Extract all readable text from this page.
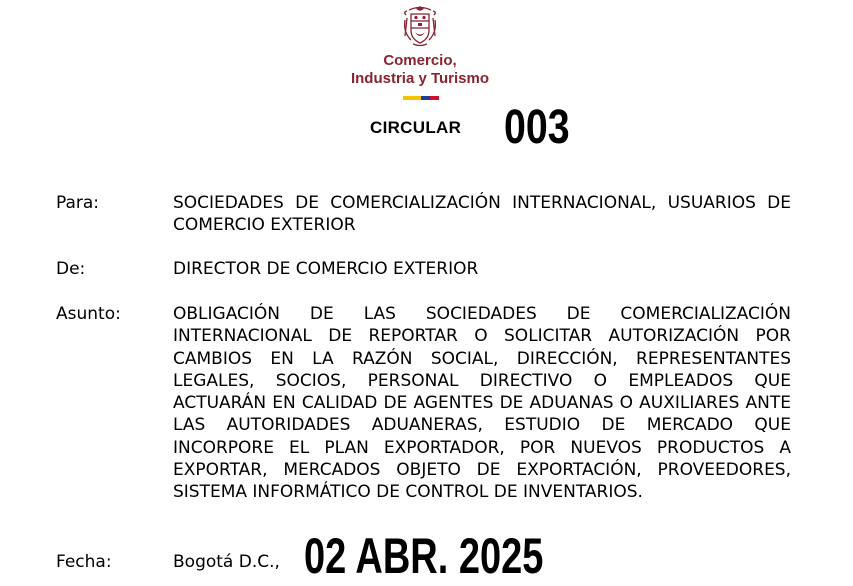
Comercio,
Industria y Turismo
CIRCULAR 003
Para:	SOCIEDADES DE COMERCIALIZACIÓN INTERNACIONAL, USUARIOS DE COMERCIO EXTERIOR
De:	DIRECTOR DE COMERCIO EXTERIOR
Asunto:	OBLIGACIÓN DE LAS SOCIEDADES DE COMERCIALIZACIÓN INTERNACIONAL DE REPORTAR O SOLICITAR AUTORIZACIÓN POR CAMBIOS EN LA RAZÓN SOCIAL, DIRECCIÓN, REPRESENTANTES LEGALES, SOCIOS, PERSONAL DIRECTIVO O EMPLEADOS QUE ACTUARÁN EN CALIDAD DE AGENTES DE ADUANAS O AUXILIARES ANTE LAS AUTORIDADES ADUANERAS, ESTUDIO DE MERCADO QUE INCORPORE EL PLAN EXPORTADOR, POR NUEVOS PRODUCTOS A EXPORTAR, MERCADOS OBJETO DE EXPORTACIÓN, PROVEEDORES, SISTEMA INFORMÁTICO DE CONTROL DE INVENTARIOS.
Fecha:	Bogotá D.C., 02 ABR. 2025
